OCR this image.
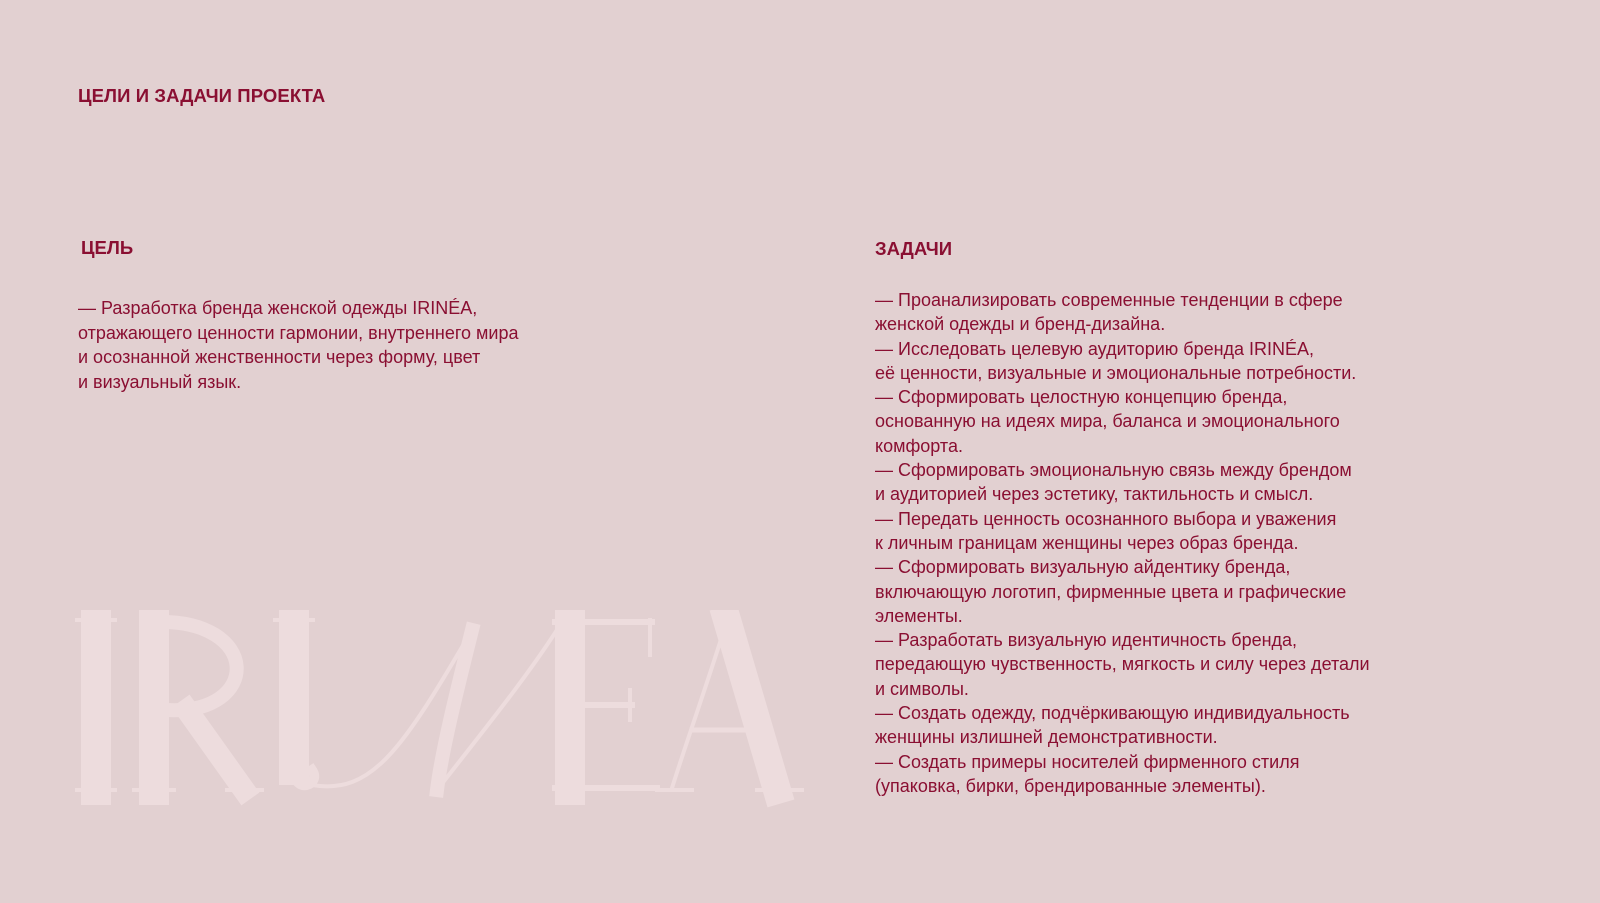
ЦЕЛИ И ЗАДАЧИ ПРОЕКТА
ЦЕЛЬ

— Разработка бренда женской одежды IRINÉA,
отражающего ценности гармонии, внутреннего мира
и осознанной женственности через форму, цвет
и визуальный язык.

ЗАДАЧИ
— Проанализировать современные тенденции в сфере
женской одежды и бренд-дизайна.
— Исследовать целевую аудиторию бренда IRINÉA,
её ценности, визуальные и эмоциональные потребности.
— Сформировать целостную концепцию бренда,
основанную на идеях мира, баланса и эмоционального
комфорта.
— Сформировать эмоциональную связь между брендом
и аудиторией через эстетику, тактильность и смысл.
— Передать ценность осознанного выбора и уважения
к личным границам женщины через образ бренда.
— Сформировать визуальную айдентику бренда,
включающую логотип, фирменные цвета и графические
элементы.
— Разработать визуальную идентичность бренда,
передающую чувственность, мягкость и силу через детали
и символы.
— Создать одежду, подчёркивающую индивидуальность
женщины излишней демонстративности.
— Создать примеры носителей фирменного стиля
(упаковка, бирки, брендированные элементы).
